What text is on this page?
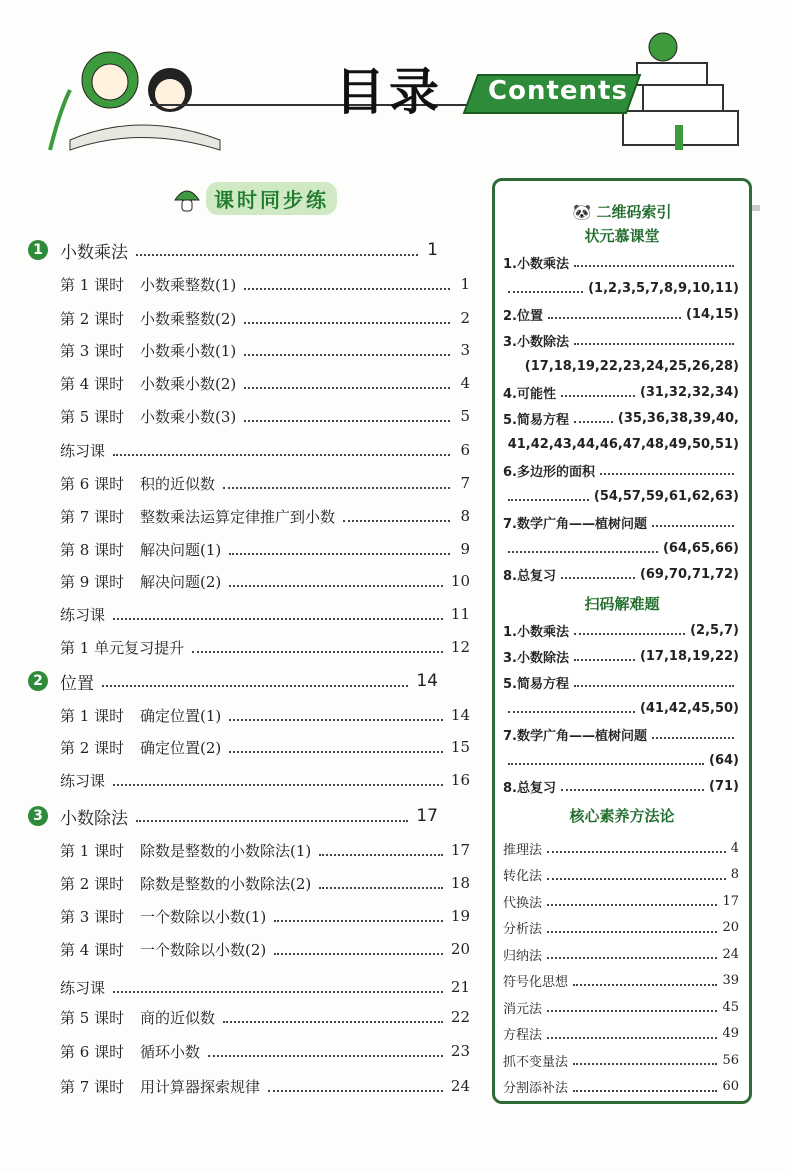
目录 Contents
课时同步练
1	小数乘法	1
第 1 课时	小数乘整数(1)	1
第 2 课时	小数乘整数(2)	2
第 3 课时	小数乘小数(1)	3
第 4 课时	小数乘小数(2)	4
第 5 课时	小数乘小数(3)	5
练习课	6
第 6 课时	积的近似数	7
第 7 课时	整数乘法运算定律推广到小数	8
第 8 课时	解决问题(1)	9
第 9 课时	解决问题(2)	10
练习课	11
第 1 单元复习提升	12
2	位置	14
第 1 课时	确定位置(1)	14
第 2 课时	确定位置(2)	15
练习课	16
3	小数除法	17
第 1 课时	除数是整数的小数除法(1)	17
第 2 课时	除数是整数的小数除法(2)	18
第 3 课时	一个数除以小数(1)	19
第 4 课时	一个数除以小数(2)	20
练习课	21
第 5 课时	商的近似数	22
第 6 课时	循环小数	23
第 7 课时	用计算器探索规律	24
🐼 二维码索引
状元慕课堂
1.小数乘法
(1,2,3,5,7,8,9,10,11)
2.位置	(14,15)
3.小数除法
(17,18,19,22,23,24,25,26,28)
4.可能性	(31,32,32,34)
5.简易方程	(35,36,38,39,40,
41,42,43,44,46,47,48,49,50,51)
6.多边形的面积
(54,57,59,61,62,63)
7.数学广角——植树问题
(64,65,66)
8.总复习	(69,70,71,72)
扫码解难题
1.小数乘法	(2,5,7)
3.小数除法	(17,18,19,22)
5.简易方程
(41,42,45,50)
7.数学广角——植树问题
(64)
8.总复习	(71)
核心素养方法论
推理法	4
转化法	8
代换法	17
分析法	20
归纳法	24
符号化思想	39
消元法	45
方程法	49
抓不变量法	56
分割添补法	60
